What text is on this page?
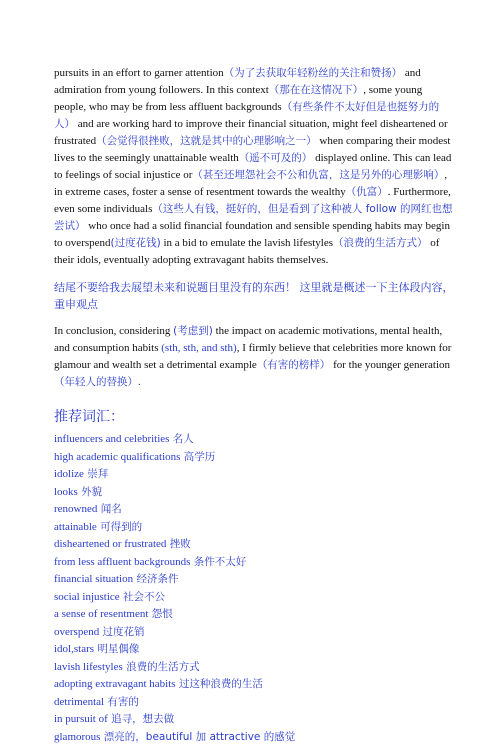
pursuits in an effort to garner attention（为了去获取年轻粉丝的关注和赞扬） and admiration from young followers. In this context（那在在这情况下）, some young people, who may be from less affluent backgrounds（有些条件不太好但是也挺努力的人） and are working hard to improve their financial situation, might feel disheartened or frustrated（会觉得很挫败，这就是其中的心理影响之一） when comparing their modest lives to the seemingly unattainable wealth（遥不可及的） displayed online. This can lead to feelings of social injustice or（甚至还埋怨社会不公和仇富，这是另外的心理影响）, in extreme cases, foster a sense of resentment towards the wealthy（仇富）. Furthermore, even some individuals（这些人有钱，挺好的，但是看到了这种被人 follow 的网红也想尝试） who once had a solid financial foundation and sensible spending habits may begin to overspend(过度花钱) in a bid to emulate the lavish lifestyles（浪费的生活方式） of their idols, eventually adopting extravagant habits themselves.

结尾不要给我去展望未来和说题目里没有的东西！ 这里就是概述一下主体段内容，重申观点

In conclusion, considering (考虑到) the impact on academic motivations, mental health, and consumption habits (sth, sth, and sth), I firmly believe that celebrities more known for glamour and wealth set a detrimental example（有害的榜样） for the younger generation（年轻人的替换）.

推荐词汇：
influencers and celebrities 名人
high academic qualifications 高学历
idolize 崇拜
looks 外貌
renowned 闻名
attainable 可得到的
disheartened or frustrated 挫败
from less affluent backgrounds 条件不太好
financial situation 经济条件
social injustice 社会不公
a sense of resentment 怨恨
overspend 过度花销
idol,stars 明星偶像
lavish lifestyles 浪费的生活方式
adopting extravagant habits 过这种浪费的生活
detrimental 有害的
in pursuit of 追寻，想去做
glamorous 漂亮的，beautiful 加 attractive 的感觉
